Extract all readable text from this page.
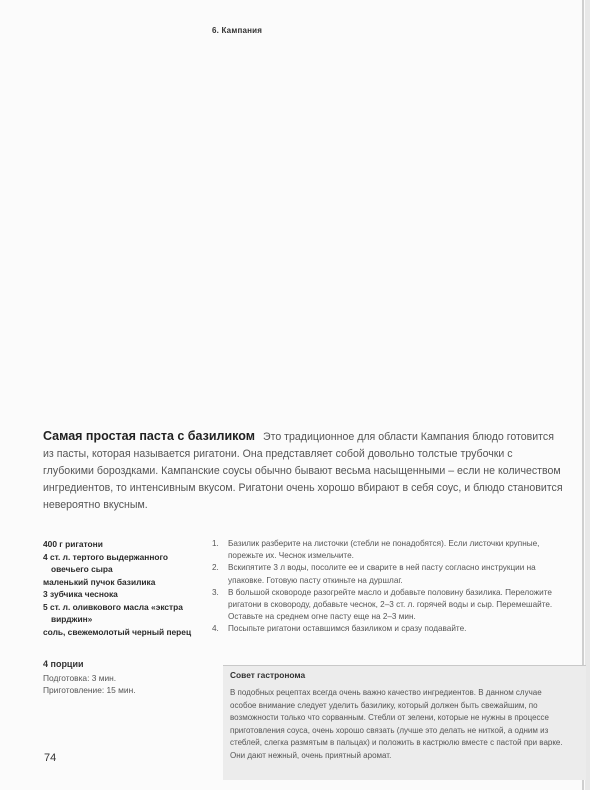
6. Кампания
Самая простая паста с базиликом Это традиционное для области Кампания блюдо готовится из пасты, которая называется ригатони. Она представляет собой довольно толстые трубочки с глубокими бороздками. Кампанские соусы обычно бывают весьма насыщенными – если не количеством ингредиентов, то интенсивным вкусом. Ригатони очень хорошо вбирают в себя соус, и блюдо становится невероятно вкусным.
400 г ригатони
4 ст. л. тертого выдержанного
овечьего сыра
маленький пучок базилика
3 зубчика чеснока
5 ст. л. оливкового масла «экстра
вирджин»
соль, свежемолотый черный перец
4 порции
Подготовка: 3 мин.
Приготовление: 15 мин.
1.	Базилик разберите на листочки (стебли не понадобятся). Если листочки крупные, порежьте их. Чеснок измельчите.
2.	Вскипятите 3 л воды, посолите ее и сварите в ней пасту согласно инструкции на упаковке. Готовую пасту откиньте на дуршлаг.
3.	В большой сковороде разогрейте масло и добавьте половину базилика. Переложите ригатони в сковороду, добавьте чеснок, 2–3 ст. л. горячей воды и сыр. Перемешайте. Оставьте на среднем огне пасту еще на 2–3 мин.
4.	Посыпьте ригатони оставшимся базиликом и сразу подавайте.
Совет гастронома
В подобных рецептах всегда очень важно качество ингредиентов. В данном случае особое внимание следует уделить базилику, который должен быть свежайшим, по возможности только что сорванным. Стебли от зелени, которые не нужны в процессе приготовления соуса, очень хорошо связать (лучше это делать не ниткой, а одним из стеблей, слегка размятым в пальцах) и положить в кастрюлю вместе с пастой при варке. Они дают нежный, очень приятный аромат.
74
